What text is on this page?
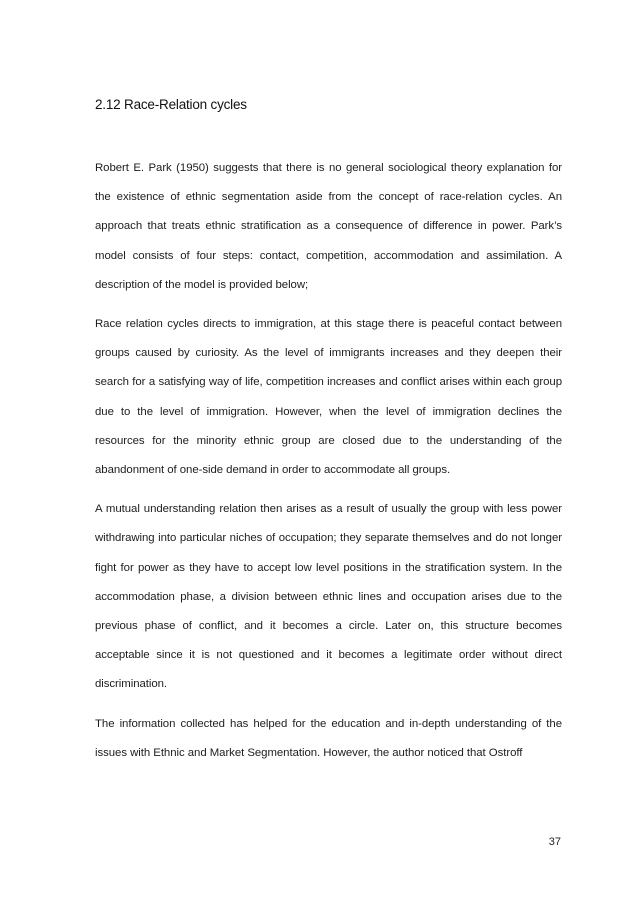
2.12 Race-Relation cycles

Robert E. Park (1950) suggests that there is no general sociological theory explanation for the existence of ethnic segmentation aside from the concept of race-relation cycles. An approach that treats ethnic stratification as a consequence of difference in power. Park’s model consists of four steps: contact, competition, accommodation and assimilation. A description of the model is provided below;

Race relation cycles directs to immigration, at this stage there is peaceful contact between groups caused by curiosity. As the level of immigrants increases and they deepen their search for a satisfying way of life, competition increases and conflict arises within each group due to the level of immigration. However, when the level of immigration declines the resources for the minority ethnic group are closed due to the understanding of the abandonment of one-side demand in order to accommodate all groups.

A mutual understanding relation then arises as a result of usually the group with less power withdrawing into particular niches of occupation; they separate themselves and do not longer fight for power as they have to accept low level positions in the stratification system. In the accommodation phase, a division between ethnic lines and occupation arises due to the previous phase of conflict, and it becomes a circle. Later on, this structure becomes acceptable since it is not questioned and it becomes a legitimate order without direct discrimination.

The information collected has helped for the education and in-depth understanding of the issues with Ethnic and Market Segmentation. However, the author noticed that Ostroff

37
